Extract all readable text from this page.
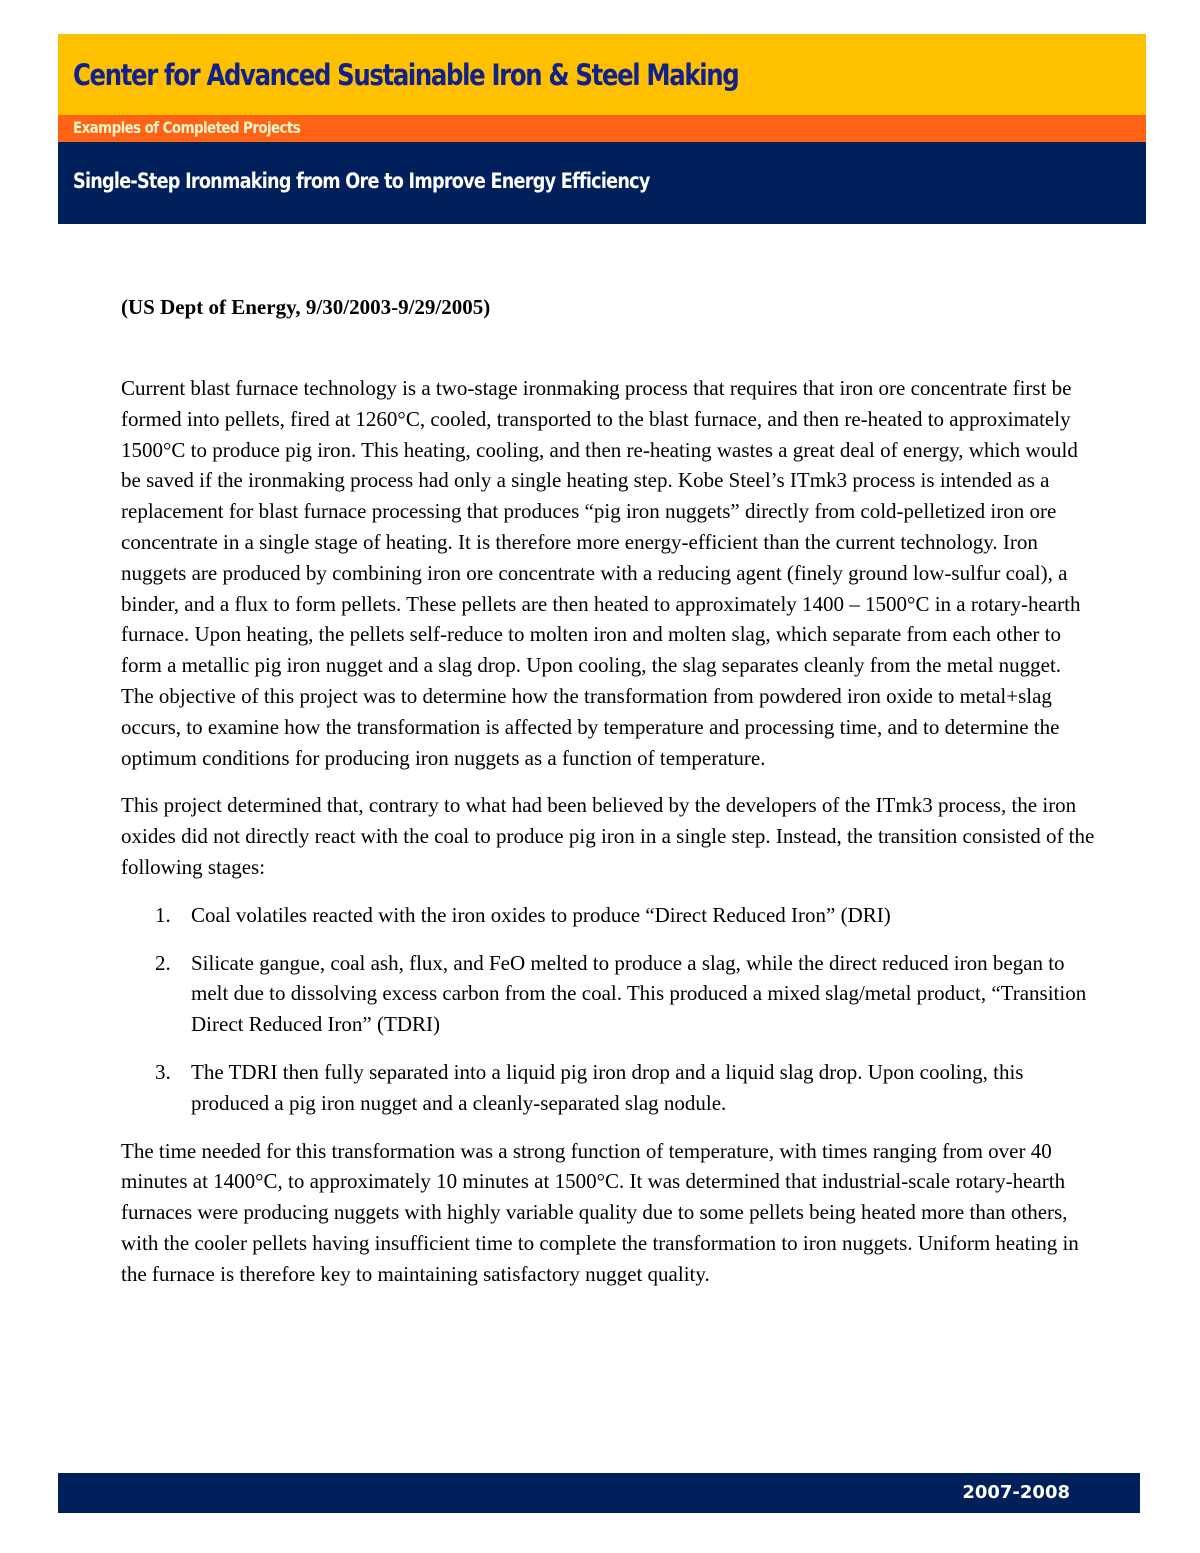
Center for Advanced Sustainable Iron & Steel Making
Examples of Completed Projects
Single-Step Ironmaking from Ore to Improve Energy Efficiency
(US Dept of Energy, 9/30/2003-9/29/2005)

Current blast furnace technology is a two-stage ironmaking process that requires that iron ore concentrate first be formed into pellets, fired at 1260°C, cooled, transported to the blast furnace, and then re-heated to approximately 1500°C to produce pig iron. This heating, cooling, and then re-heating wastes a great deal of energy, which would be saved if the ironmaking process had only a single heating step. Kobe Steel’s ITmk3 process is intended as a replacement for blast furnace processing that produces “pig iron nuggets” directly from cold-pelletized iron ore concentrate in a single stage of heating. It is therefore more energy-efficient than the current technology. Iron nuggets are produced by combining iron ore concentrate with a reducing agent (finely ground low-sulfur coal), a binder, and a flux to form pellets. These pellets are then heated to approximately 1400 – 1500°C in a rotary-hearth furnace. Upon heating, the pellets self-reduce to molten iron and molten slag, which separate from each other to form a metallic pig iron nugget and a slag drop. Upon cooling, the slag separates cleanly from the metal nugget. The objective of this project was to determine how the transformation from powdered iron oxide to metal+slag occurs, to examine how the transformation is affected by temperature and processing time, and to determine the optimum conditions for producing iron nuggets as a function of temperature.

This project determined that, contrary to what had been believed by the developers of the ITmk3 process, the iron oxides did not directly react with the coal to produce pig iron in a single step. Instead, the transition consisted of the following stages:

1. Coal volatiles reacted with the iron oxides to produce “Direct Reduced Iron” (DRI)
2. Silicate gangue, coal ash, flux, and FeO melted to produce a slag, while the direct reduced iron began to melt due to dissolving excess carbon from the coal. This produced a mixed slag/metal product, “Transition Direct Reduced Iron” (TDRI)
3. The TDRI then fully separated into a liquid pig iron drop and a liquid slag drop. Upon cooling, this produced a pig iron nugget and a cleanly-separated slag nodule.

The time needed for this transformation was a strong function of temperature, with times ranging from over 40 minutes at 1400°C, to approximately 10 minutes at 1500°C. It was determined that industrial-scale rotary-hearth furnaces were producing nuggets with highly variable quality due to some pellets being heated more than others, with the cooler pellets having insufficient time to complete the transformation to iron nuggets. Uniform heating in the furnace is therefore key to maintaining satisfactory nugget quality.

2007-2008
